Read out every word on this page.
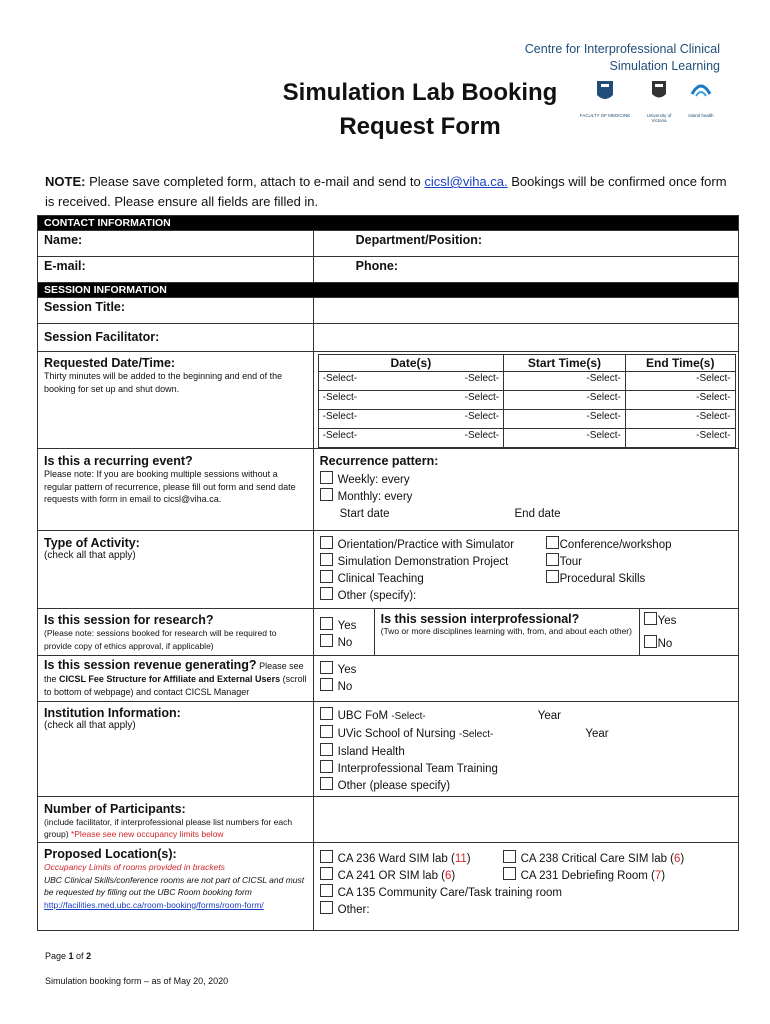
Centre for Interprofessional Clinical
Simulation Learning
Simulation Lab Booking
Request Form	FACULTY OF MEDICINE	University of Victoria
island health
NOTE: Please save completed form, attach to e-mail and send to cicsl@viha.ca. Bookings will be confirmed once form is received. Please ensure all fields are filled in.
CONTACT INFORMATION
Name:	Department/Position:
E-mail:	Phone:
SESSION INFORMATION
Session Title:	
Session Facilitator:	

Requested Date/Time:
Thirty minutes will be added to the beginning and end of the booking for set up and shut down.

Date(s)	Start Time(s)	End Time(s)
-Select-	-Select-	-Select-	-Select-
-Select-	-Select-	-Select-	-Select-
-Select-	-Select-	-Select-	-Select-
-Select-	-Select-	-Select-	-Select-

Is this a recurring event?
Please note: If you are booking multiple sessions without a regular pattern of recurrence, please fill out form and send date requests with form in email to cicsl@viha.ca.

Recurrence pattern:
Weekly: every
Monthly: every
Start date	End date

Type of Activity:
(check all that apply)

Orientation/Practice with Simulator
Simulation Demonstration Project
Clinical Teaching
Other (specify):
Conference/workshop
Tour
Procedural Skills

Is this session for research?
(Please note: sessions booked for research will be required to provide copy of ethics approval, if applicable)

Yes
No
Is this session interprofessional?
(Two or more disciplines learning with, from, and about each other)
Yes
No

Is this session revenue generating? Please see the CICSL Fee Structure for Affiliate and External Users (scroll to bottom of webpage) and contact CICSL Manager

Yes
No

Institution Information:
(check all that apply)

UBC FoM -Select-	Year
UVic School of Nursing -Select-	Year
Island Health
Interprofessional Team Training
Other (please specify)

Number of Participants:
(include facilitator, if interprofessional please list numbers for each group) *Please see new occupancy limits below

Proposed Location(s):
Occupancy Limits of rooms provided in brackets
UBC Clinical Skills/conference rooms are not part of CICSL and must be requested by filling out the UBC Room booking form
http://facilities.med.ubc.ca/room-booking/forms/room-form/

CA 236 Ward SIM lab (11)
CA 241 OR SIM lab (6)
CA 238 Critical Care SIM lab (6)
CA 231 Debriefing Room (7)
CA 135 Community Care/Task training room
Other:
Page 1 of 2
Simulation booking form – as of May 20, 2020
